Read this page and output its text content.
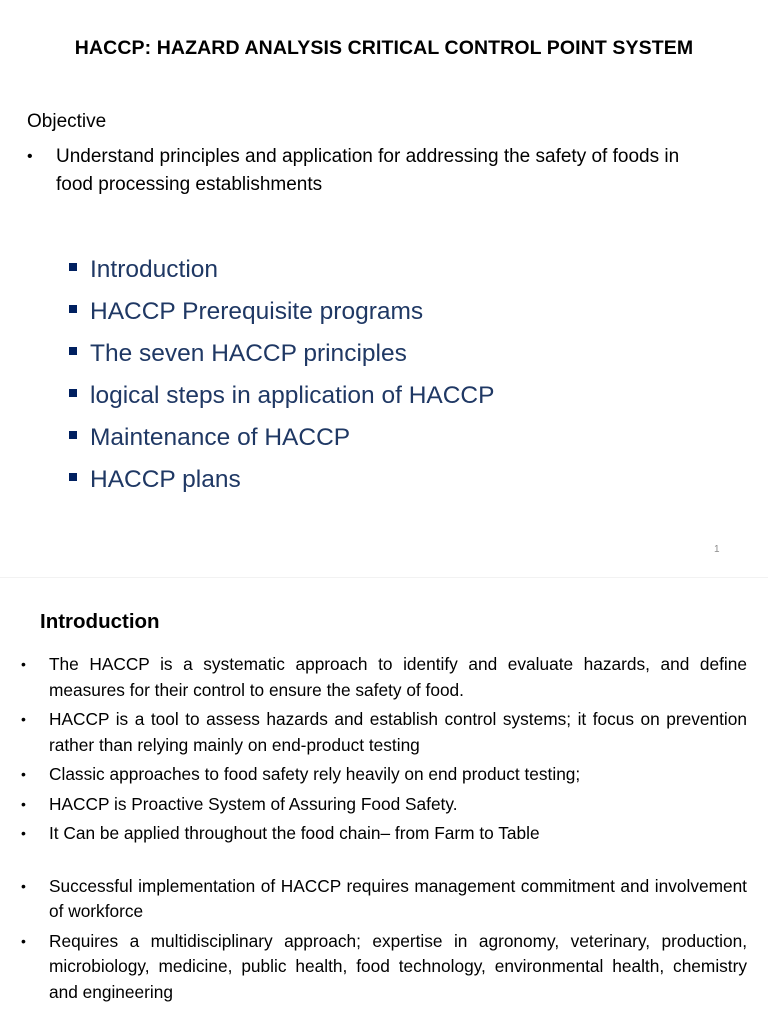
HACCP: HAZARD ANALYSIS CRITICAL CONTROL POINT SYSTEM
Objective
• Understand principles and application for addressing the safety of foods in food processing establishments
Introduction
HACCP Prerequisite programs
The seven HACCP principles
logical steps in application of HACCP
Maintenance of HACCP
HACCP plans
1
Introduction
• The HACCP is a systematic approach to identify and evaluate hazards, and define measures for their control to ensure the safety of food.
• HACCP is a tool to assess hazards and establish control systems; it focus on prevention rather than relying mainly on end-product testing
• Classic approaches to food safety rely heavily on end product testing;
• HACCP is Proactive System of Assuring Food Safety.
• It Can be applied throughout the food chain– from Farm to Table
• Successful implementation of HACCP requires management commitment and involvement of workforce
• Requires a multidisciplinary approach; expertise in agronomy, veterinary, production, microbiology, medicine, public health, food technology, environmental health, chemistry and engineering
